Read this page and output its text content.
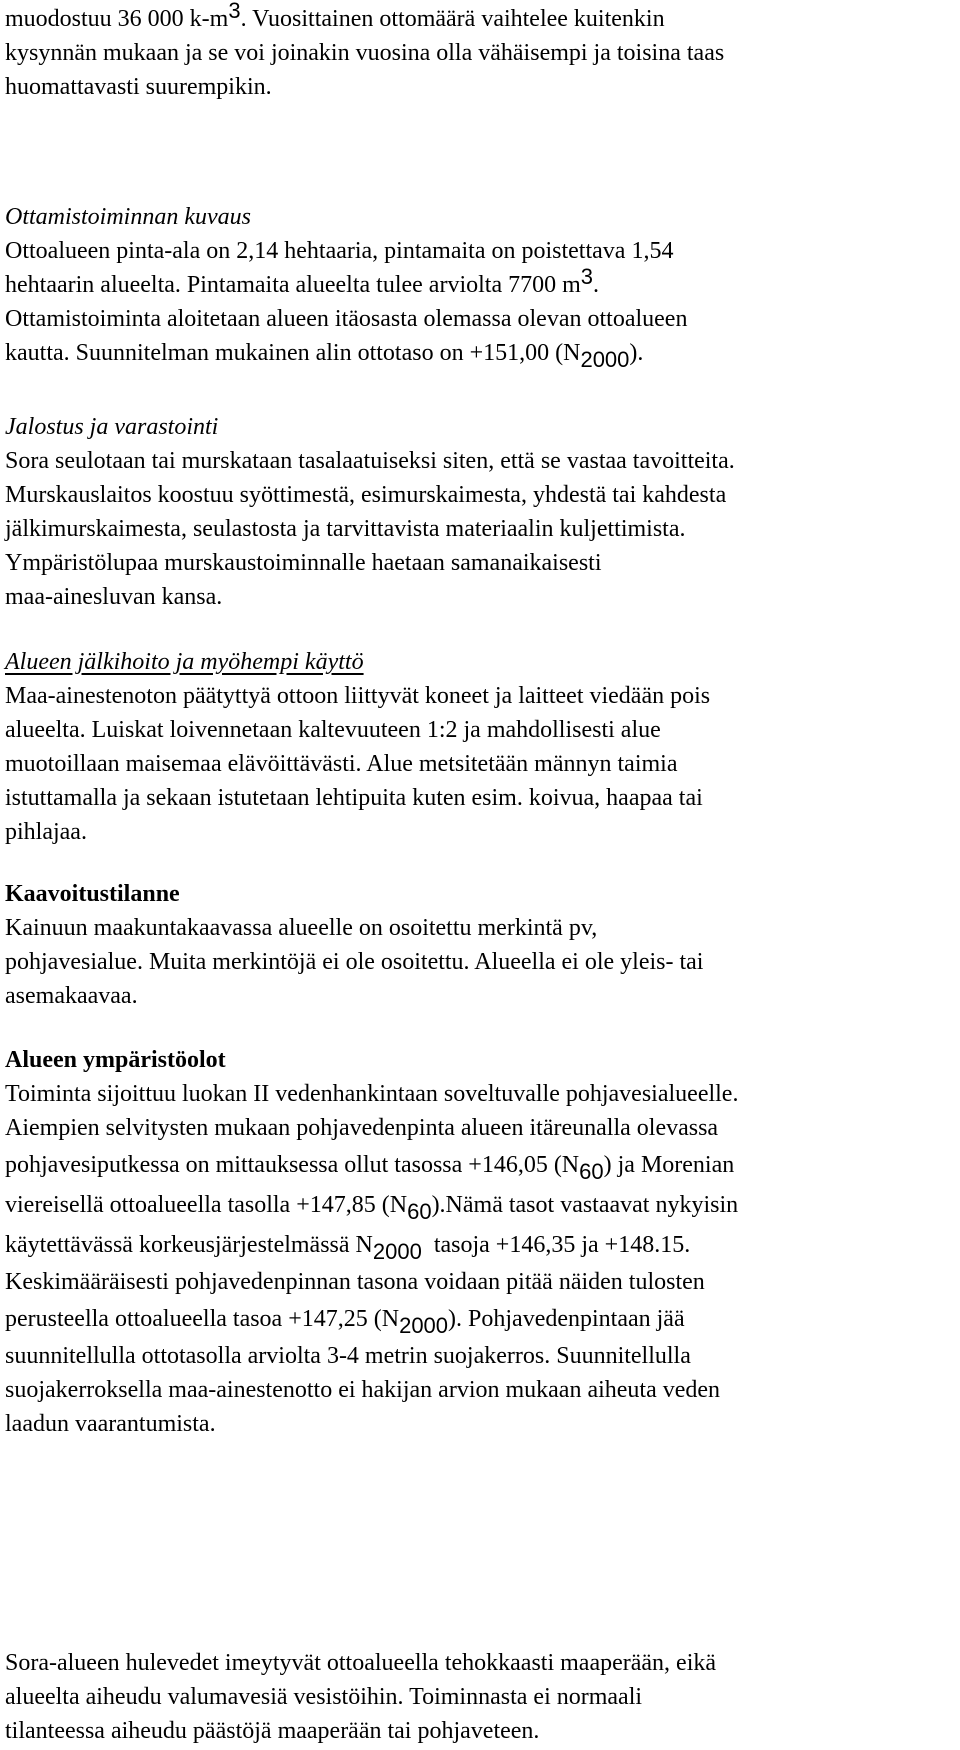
muodostuu 36 000 k-m3. Vuosittainen ottomäärä vaihtelee kuitenkin
kysynnän mukaan ja se voi joinakin vuosina olla vähäisempi ja toisina taas
huomattavasti suurempikin.
Ottamistoiminnan kuvaus
Ottoalueen pinta-ala on 2,14 hehtaaria, pintamaita on poistettava 1,54
hehtaarin alueelta. Pintamaita alueelta tulee arviolta 7700 m3.
Ottamistoiminta aloitetaan alueen itäosasta olemassa olevan ottoalueen
kautta. Suunnitelman mukainen alin ottotaso on +151,00 (N2000).
Jalostus ja varastointi
Sora seulotaan tai murskataan tasalaatuiseksi siten, että se vastaa tavoitteita.
Murskauslaitos koostuu syöttimestä, esimurskaimesta, yhdestä tai kahdesta
jälkimurskaimesta, seulastosta ja tarvittavista materiaalin kuljettimista.
Ympäristölupaa murskaustoiminnalle haetaan samanaikaisesti
maa-ainesluvan kansa.
Alueen jälkihoito ja myöhempi käyttö
Maa-ainestenoton päätyttyä ottoon liittyvät koneet ja laitteet viedään pois
alueelta. Luiskat loivennetaan kaltevuuteen 1:2 ja mahdollisesti alue
muotoillaan maisemaa elävöittävästi. Alue metsitetään männyn taimia
istuttamalla ja sekaan istutetaan lehtipuita kuten esim. koivua, haapaa tai
pihlajaa.
Kaavoitustilanne
Kainuun maakuntakaavassa alueelle on osoitettu merkintä pv,
pohjavesialue. Muita merkintöjä ei ole osoitettu. Alueella ei ole yleis- tai
asemakaavaa.
Alueen ympäristöolot
Toiminta sijoittuu luokan II vedenhankintaan soveltuvalle pohjavesialueelle.
Aiempien selvitysten mukaan pohjavedenpinta alueen itäreunalla olevassa
pohjavesiputkessa on mittauksessa ollut tasossa +146,05 (N60) ja Morenian
viereisellä ottoalueella tasolla +147,85 (N60).Nämä tasot vastaavat nykyisin
käytettävässä korkeusjärjestelmässä N2000  tasoja +146,35 ja +148.15.
Keskimääräisesti pohjavedenpinnan tasona voidaan pitää näiden tulosten
perusteella ottoalueella tasoa +147,25 (N2000). Pohjavedenpintaan jää
suunnitellulla ottotasolla arviolta 3-4 metrin suojakerros. Suunnitellulla
suojakerroksella maa-ainestenotto ei hakijan arvion mukaan aiheuta veden
laadun vaarantumista.
Sora-alueen hulevedet imeytyvät ottoalueella tehokkaasti maaperään, eikä
alueelta aiheudu valumavesiä vesistöihin. Toiminnasta ei normaali
tilanteessa aiheudu päästöjä maaperään tai pohjaveteen.
